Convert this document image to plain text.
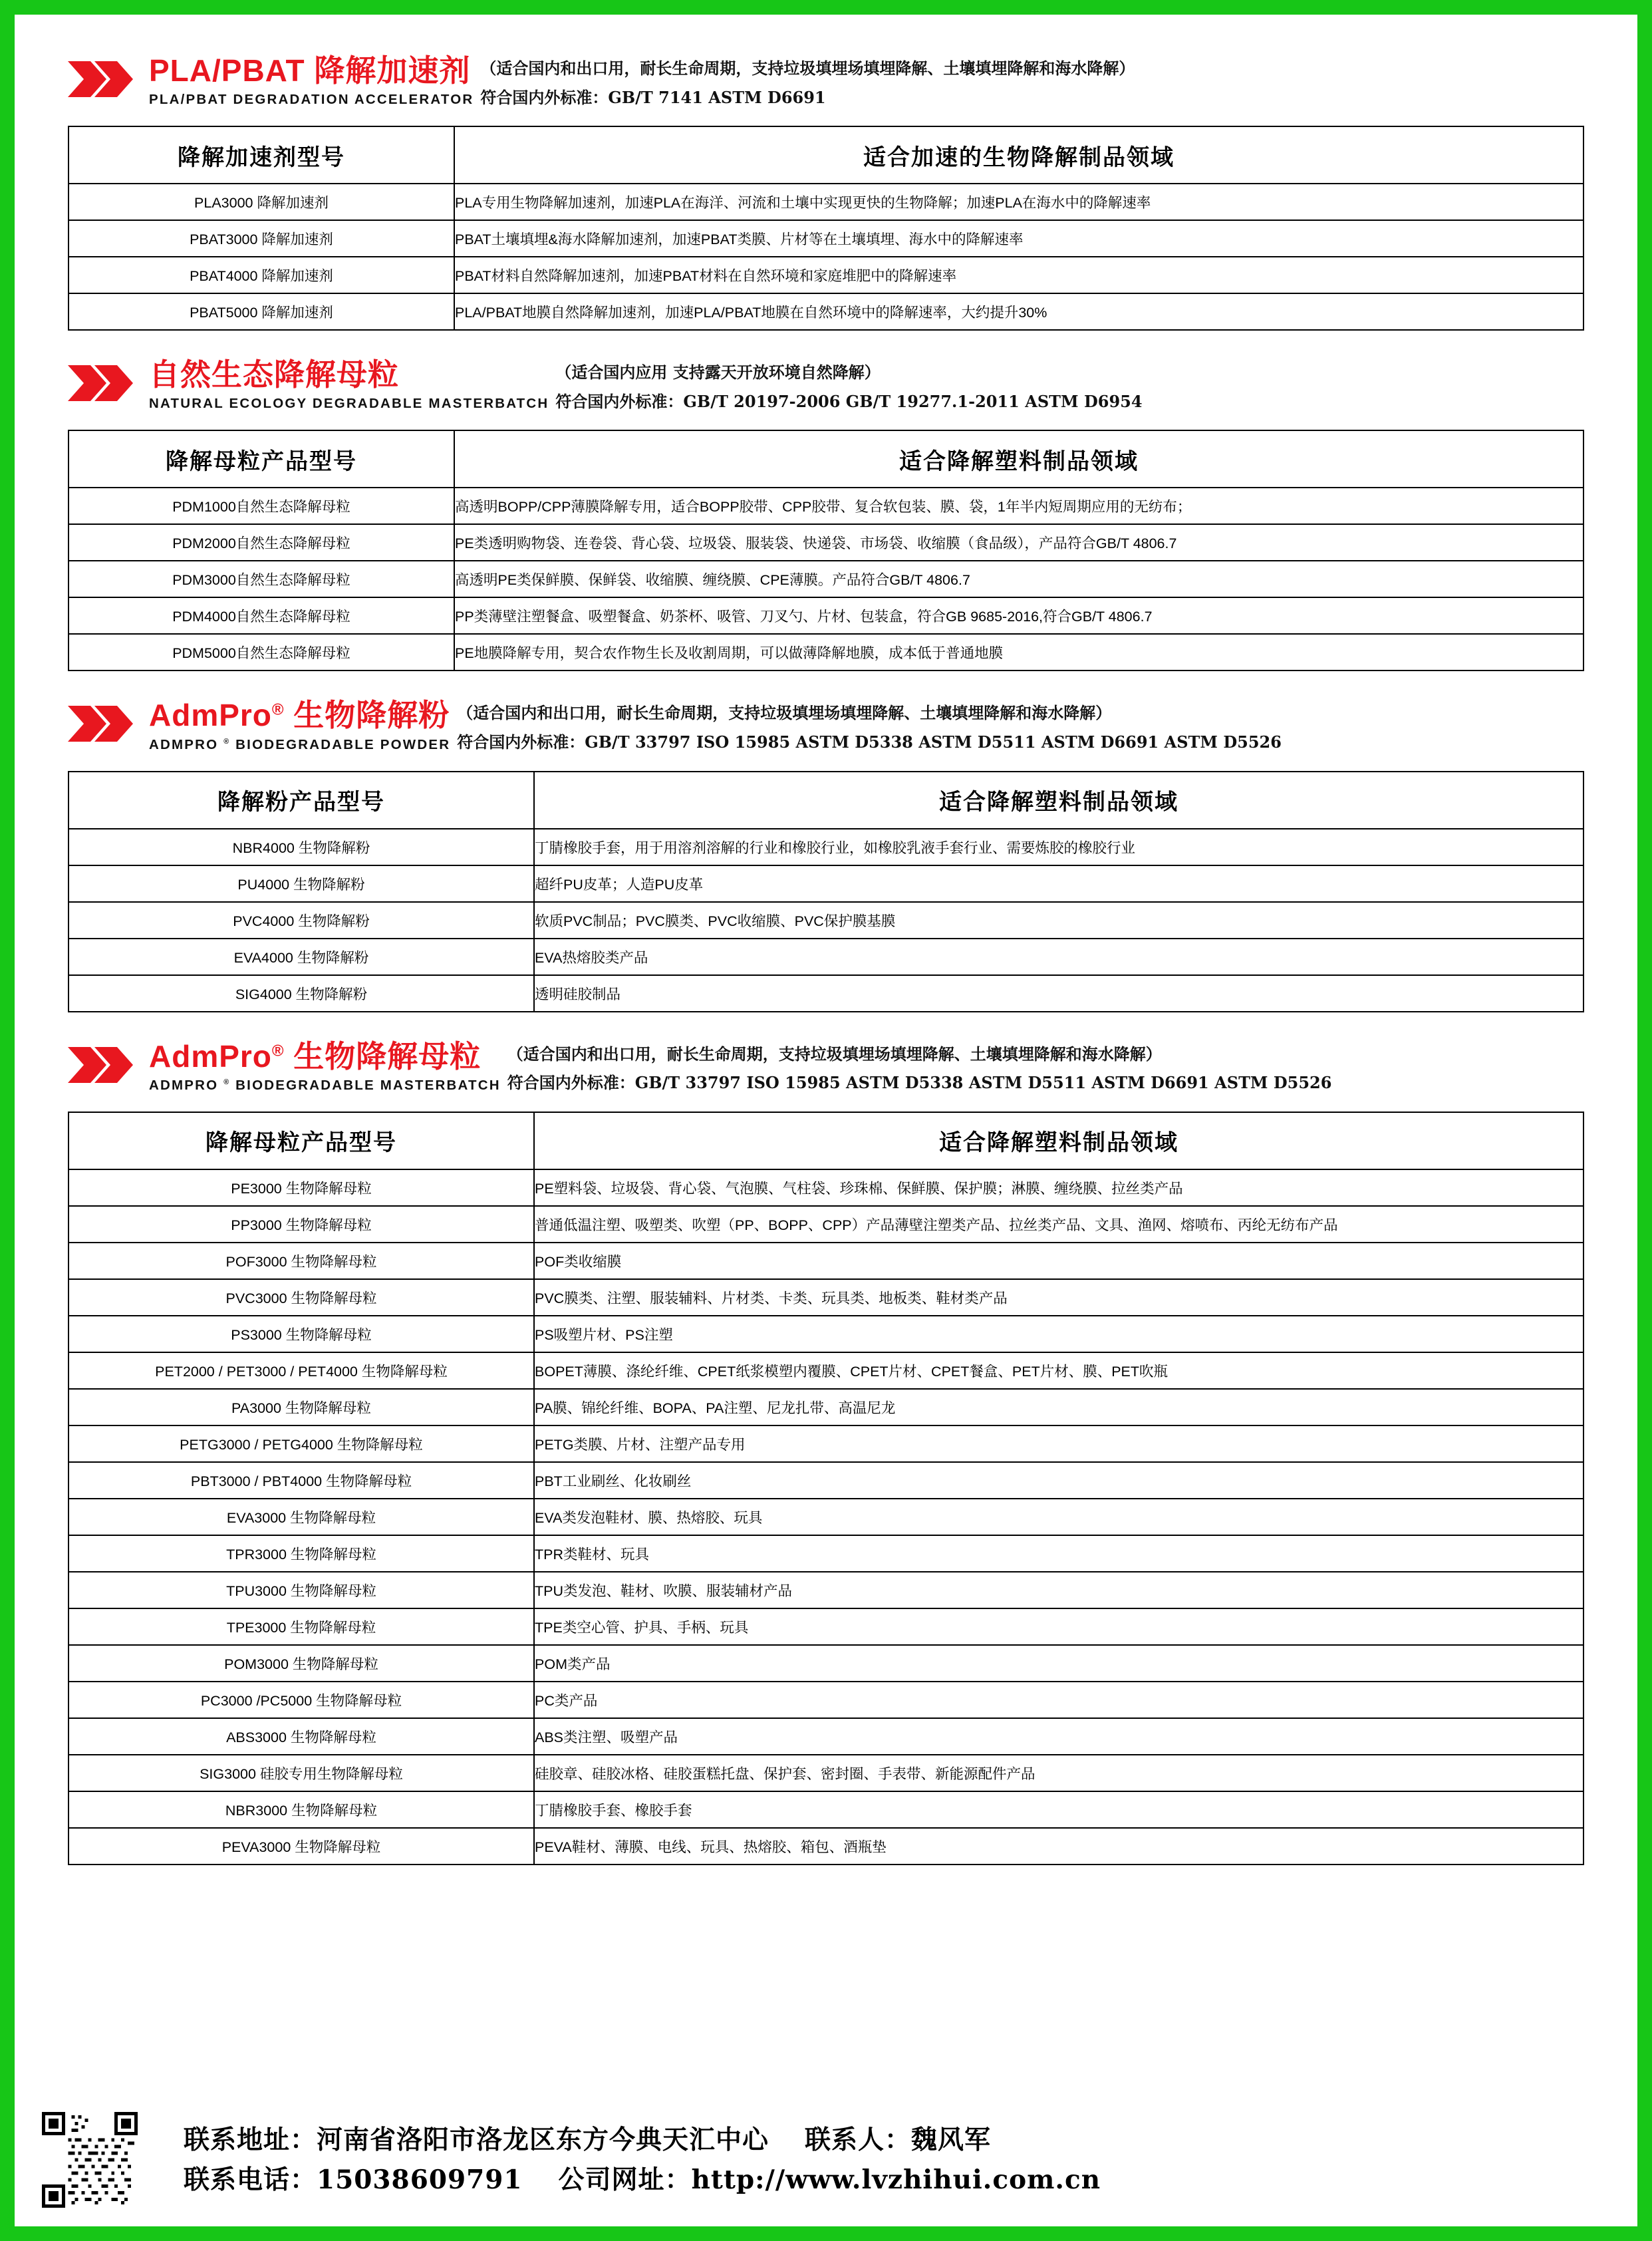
PLA/PBAT 降解加速剂
PLA/PBAT DEGRADATION ACCELERATOR
（适合国内和出口用，耐长生命周期，支持垃圾填埋场填埋降解、土壤填埋降解和海水降解）
符合国内外标准：GB/T 7141 ASTM D6691
降解加速剂型号	适合加速的生物降解制品领域
PLA3000 降解加速剂	PLA专用生物降解加速剂，加速PLA在海洋、河流和土壤中实现更快的生物降解；加速PLA在海水中的降解速率
PBAT3000 降解加速剂	PBAT土壤填埋&海水降解加速剂，加速PBAT类膜、片材等在土壤填埋、海水中的降解速率
PBAT4000 降解加速剂	PBAT材料自然降解加速剂，加速PBAT材料在自然环境和家庭堆肥中的降解速率
PBAT5000 降解加速剂	PLA/PBAT地膜自然降解加速剂，加速PLA/PBAT地膜在自然环境中的降解速率，大约提升30%
自然生态降解母粒
NATURAL ECOLOGY DEGRADABLE MASTERBATCH
（适合国内应用 支持露天开放环境自然降解）
符合国内外标准：GB/T 20197-2006 GB/T 19277.1-2011 ASTM D6954
降解母粒产品型号	适合降解塑料制品领域
PDM1000自然生态降解母粒	高透明BOPP/CPP薄膜降解专用，适合BOPP胶带、CPP胶带、复合软包装、膜、袋，1年半内短周期应用的无纺布；
PDM2000自然生态降解母粒	PE类透明购物袋、连卷袋、背心袋、垃圾袋、服装袋、快递袋、市场袋、收缩膜（食品级），产品符合GB/T 4806.7
PDM3000自然生态降解母粒	高透明PE类保鲜膜、保鲜袋、收缩膜、缠绕膜、CPE薄膜。产品符合GB/T 4806.7
PDM4000自然生态降解母粒	PP类薄壁注塑餐盒、吸塑餐盒、奶茶杯、吸管、刀叉勺、片材、包装盒，符合GB 9685-2016,符合GB/T 4806.7
PDM5000自然生态降解母粒	PE地膜降解专用，契合农作物生长及收割周期，可以做薄降解地膜，成本低于普通地膜
AdmPro® 生物降解粉
ADMPRO ® BIODEGRADABLE POWDER
（适合国内和出口用，耐长生命周期，支持垃圾填埋场填埋降解、土壤填埋降解和海水降解）
符合国内外标准：GB/T 33797 ISO 15985 ASTM D5338 ASTM D5511 ASTM D6691 ASTM D5526
降解粉产品型号	适合降解塑料制品领域
NBR4000 生物降解粉	丁腈橡胶手套，用于用溶剂溶解的行业和橡胶行业，如橡胶乳液手套行业、需要炼胶的橡胶行业
PU4000 生物降解粉	超纤PU皮革；人造PU皮革
PVC4000 生物降解粉	软质PVC制品；PVC膜类、PVC收缩膜、PVC保护膜基膜
EVA4000 生物降解粉	EVA热熔胶类产品
SIG4000 生物降解粉	透明硅胶制品
AdmPro® 生物降解母粒
ADMPRO ® BIODEGRADABLE MASTERBATCH
（适合国内和出口用，耐长生命周期，支持垃圾填埋场填埋降解、土壤填埋降解和海水降解）
符合国内外标准：GB/T 33797 ISO 15985 ASTM D5338 ASTM D5511 ASTM D6691 ASTM D5526
降解母粒产品型号	适合降解塑料制品领域
PE3000 生物降解母粒	PE塑料袋、垃圾袋、背心袋、气泡膜、气柱袋、珍珠棉、保鲜膜、保护膜；淋膜、缠绕膜、拉丝类产品
PP3000 生物降解母粒	普通低温注塑、吸塑类、吹塑（PP、BOPP、CPP）产品薄壁注塑类产品、拉丝类产品、文具、渔网、熔喷布、丙纶无纺布产品
POF3000 生物降解母粒	POF类收缩膜
PVC3000 生物降解母粒	PVC膜类、注塑、服装辅料、片材类、卡类、玩具类、地板类、鞋材类产品
PS3000 生物降解母粒	PS吸塑片材、PS注塑
PET2000 / PET3000 / PET4000 生物降解母粒	BOPET薄膜、涤纶纤维、CPET纸浆模塑内覆膜、CPET片材、CPET餐盒、PET片材、膜、PET吹瓶
PA3000 生物降解母粒	PA膜、锦纶纤维、BOPA、PA注塑、尼龙扎带、高温尼龙
PETG3000 / PETG4000 生物降解母粒	PETG类膜、片材、注塑产品专用
PBT3000 / PBT4000 生物降解母粒	PBT工业刷丝、化妆刷丝
EVA3000 生物降解母粒	EVA类发泡鞋材、膜、热熔胶、玩具
TPR3000 生物降解母粒	TPR类鞋材、玩具
TPU3000 生物降解母粒	TPU类发泡、鞋材、吹膜、服装辅材产品
TPE3000 生物降解母粒	TPE类空心管、护具、手柄、玩具
POM3000 生物降解母粒	POM类产品
PC3000 /PC5000 生物降解母粒	PC类产品
ABS3000 生物降解母粒	ABS类注塑、吸塑产品
SIG3000 硅胶专用生物降解母粒	硅胶章、硅胶冰格、硅胶蛋糕托盘、保护套、密封圈、手表带、新能源配件产品
NBR3000 生物降解母粒	丁腈橡胶手套、橡胶手套
PEVA3000 生物降解母粒	PEVA鞋材、薄膜、电线、玩具、热熔胶、箱包、酒瓶垫
联系地址：河南省洛阳市洛龙区东方今典天汇中心 联系人：魏风军
联系电话：15038609791 公司网址：http://www.lvzhihui.com.cn
